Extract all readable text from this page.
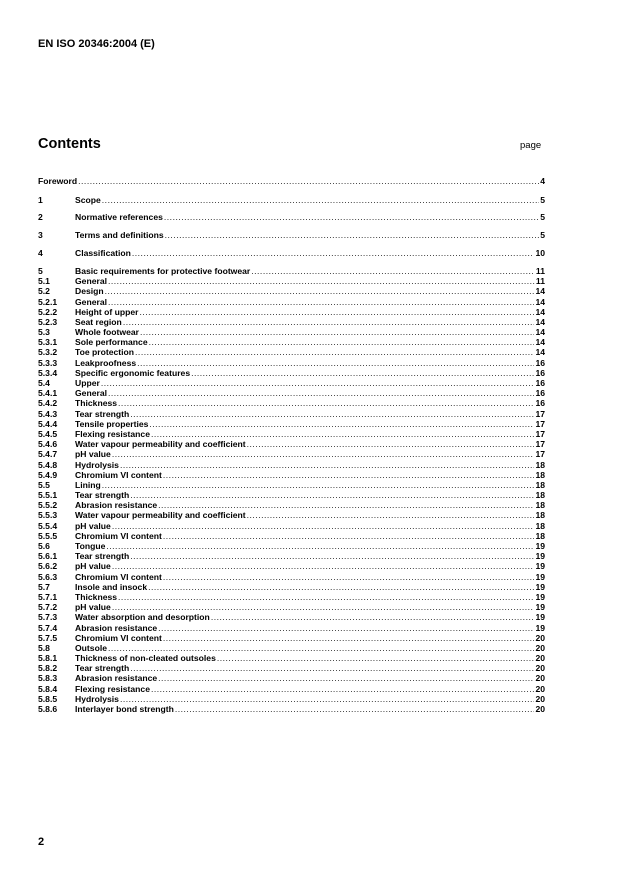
EN ISO 20346:2004 (E)
Contents	page
Foreword .....	4
1	Scope .....	5
2	Normative references .....	5
3	Terms and definitions .....	5
4	Classification .....	10
5	Basic requirements for protective footwear .....	11
5.1	General .....	11
5.2	Design .....	14
5.2.1	General .....	14
5.2.2	Height of upper .....	14
5.2.3	Seat region .....	14
5.3	Whole footwear .....	14
5.3.1	Sole performance .....	14
5.3.2	Toe protection .....	14
5.3.3	Leakproofness .....	16
5.3.4	Specific ergonomic features .....	16
5.4	Upper .....	16
5.4.1	General .....	16
5.4.2	Thickness .....	16
5.4.3	Tear strength .....	17
5.4.4	Tensile properties .....	17
5.4.5	Flexing resistance .....	17
5.4.6	Water vapour permeability and coefficient .....	17
5.4.7	pH value .....	17
5.4.8	Hydrolysis .....	18
5.4.9	Chromium VI content .....	18
5.5	Lining .....	18
5.5.1	Tear strength .....	18
5.5.2	Abrasion resistance .....	18
5.5.3	Water vapour permeability and coefficient .....	18
5.5.4	pH value .....	18
5.5.5	Chromium VI content .....	18
5.6	Tongue .....	19
5.6.1	Tear strength .....	19
5.6.2	pH value .....	19
5.6.3	Chromium VI content .....	19
5.7	Insole and insock .....	19
5.7.1	Thickness .....	19
5.7.2	pH value .....	19
5.7.3	Water absorption and desorption .....	19
5.7.4	Abrasion resistance .....	19
5.7.5	Chromium VI content .....	20
5.8	Outsole .....	20
5.8.1	Thickness of non-cleated outsoles .....	20
5.8.2	Tear strength .....	20
5.8.3	Abrasion resistance .....	20
5.8.4	Flexing resistance .....	20
5.8.5	Hydrolysis .....	20
5.8.6	Interlayer bond strength .....	20
2
